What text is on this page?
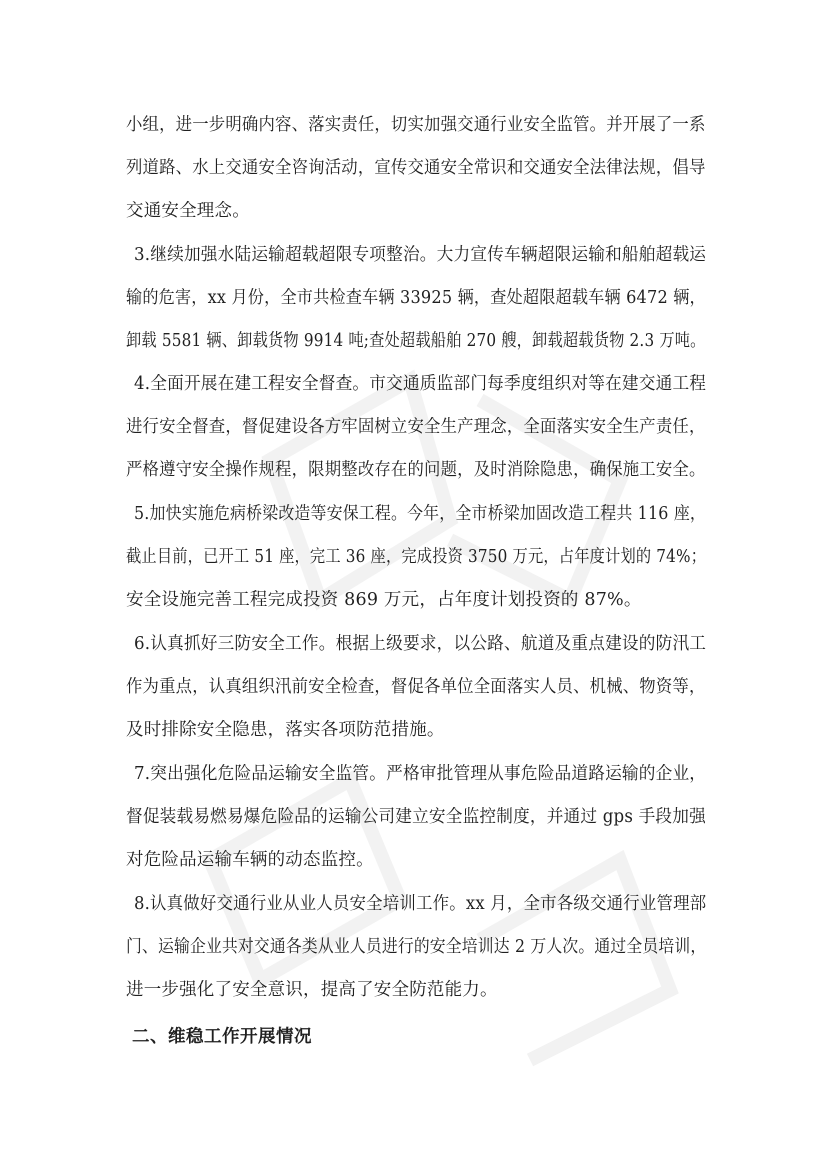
小组，进一步明确内容、落实责任，切实加强交通行业安全监管。并开展了一系
列道路、水上交通安全咨询活动，宣传交通安全常识和交通安全法律法规，倡导
交通安全理念。
3.继续加强水陆运输超载超限专项整治。大力宣传车辆超限运输和船舶超载运
输的危害，xx 月份，全市共检查车辆 33925 辆，查处超限超载车辆 6472 辆，
卸载 5581 辆、卸载货物 9914 吨;查处超载船舶 270 艘，卸载超载货物 2.3 万吨。
4.全面开展在建工程安全督查。市交通质监部门每季度组织对等在建交通工程
进行安全督查，督促建设各方牢固树立安全生产理念，全面落实安全生产责任，
严格遵守安全操作规程，限期整改存在的问题，及时消除隐患，确保施工安全。
5.加快实施危病桥梁改造等安保工程。今年，全市桥梁加固改造工程共 116 座，
截止目前，已开工 51 座，完工 36 座，完成投资 3750 万元，占年度计划的 74%；
安全设施完善工程完成投资 869 万元，占年度计划投资的 87%。
6.认真抓好三防安全工作。根据上级要求，以公路、航道及重点建设的防汛工
作为重点，认真组织汛前安全检查，督促各单位全面落实人员、机械、物资等，
及时排除安全隐患，落实各项防范措施。
7.突出强化危险品运输安全监管。严格审批管理从事危险品道路运输的企业，
督促装载易燃易爆危险品的运输公司建立安全监控制度，并通过 gps 手段加强
对危险品运输车辆的动态监控。
8.认真做好交通行业从业人员安全培训工作。xx 月，全市各级交通行业管理部
门、运输企业共对交通各类从业人员进行的安全培训达 2 万人次。通过全员培训，
进一步强化了安全意识，提高了安全防范能力。
二、维稳工作开展情况
